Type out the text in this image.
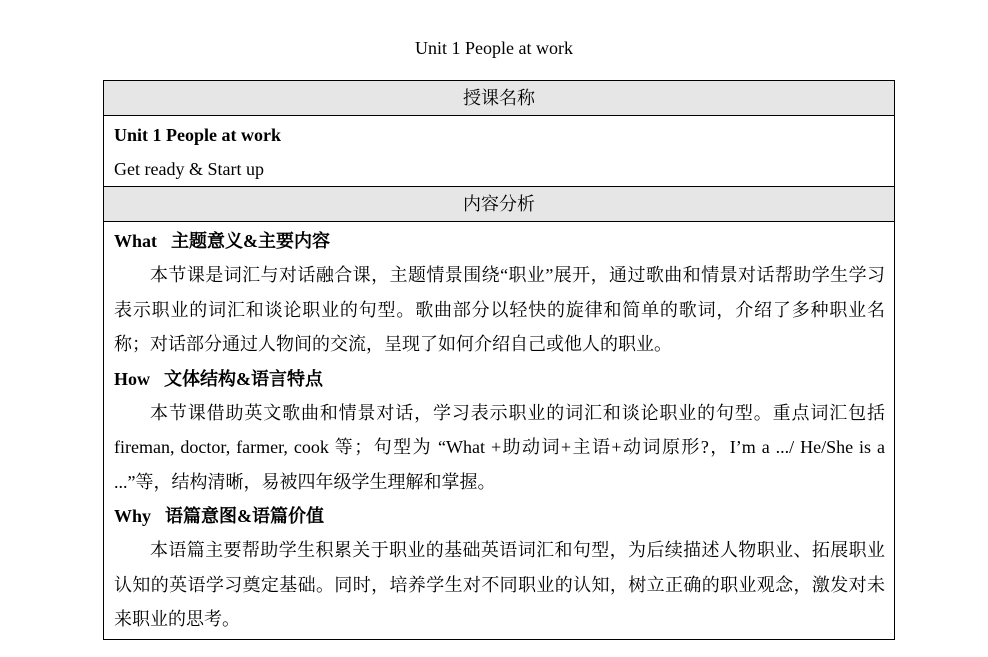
Unit 1 People at work
授课名称

Unit 1 People at work
Get ready & Start up

内容分析

What 主题意义&主要内容

本节课是词汇与对话融合课，主题情景围绕“职业”展开，通过歌曲和情景对话帮助学生学习表示职业的词汇和谈论职业的句型。歌曲部分以轻快的旋律和简单的歌词，介绍了多种职业名称；对话部分通过人物间的交流，呈现了如何介绍自己或他人的职业。

How 文体结构&语言特点

本节课借助英文歌曲和情景对话，学习表示职业的词汇和谈论职业的句型。重点词汇包括 fireman, doctor, farmer, cook 等；句型为 “What +助动词+主语+动词原形?，I’m a .../ He/She is a ...”等，结构清晰，易被四年级学生理解和掌握。

Why 语篇意图&语篇价值

本语篇主要帮助学生积累关于职业的基础英语词汇和句型，为后续描述人物职业、拓展职业认知的英语学习奠定基础。同时，培养学生对不同职业的认知，树立正确的职业观念，激发对未来职业的思考。
